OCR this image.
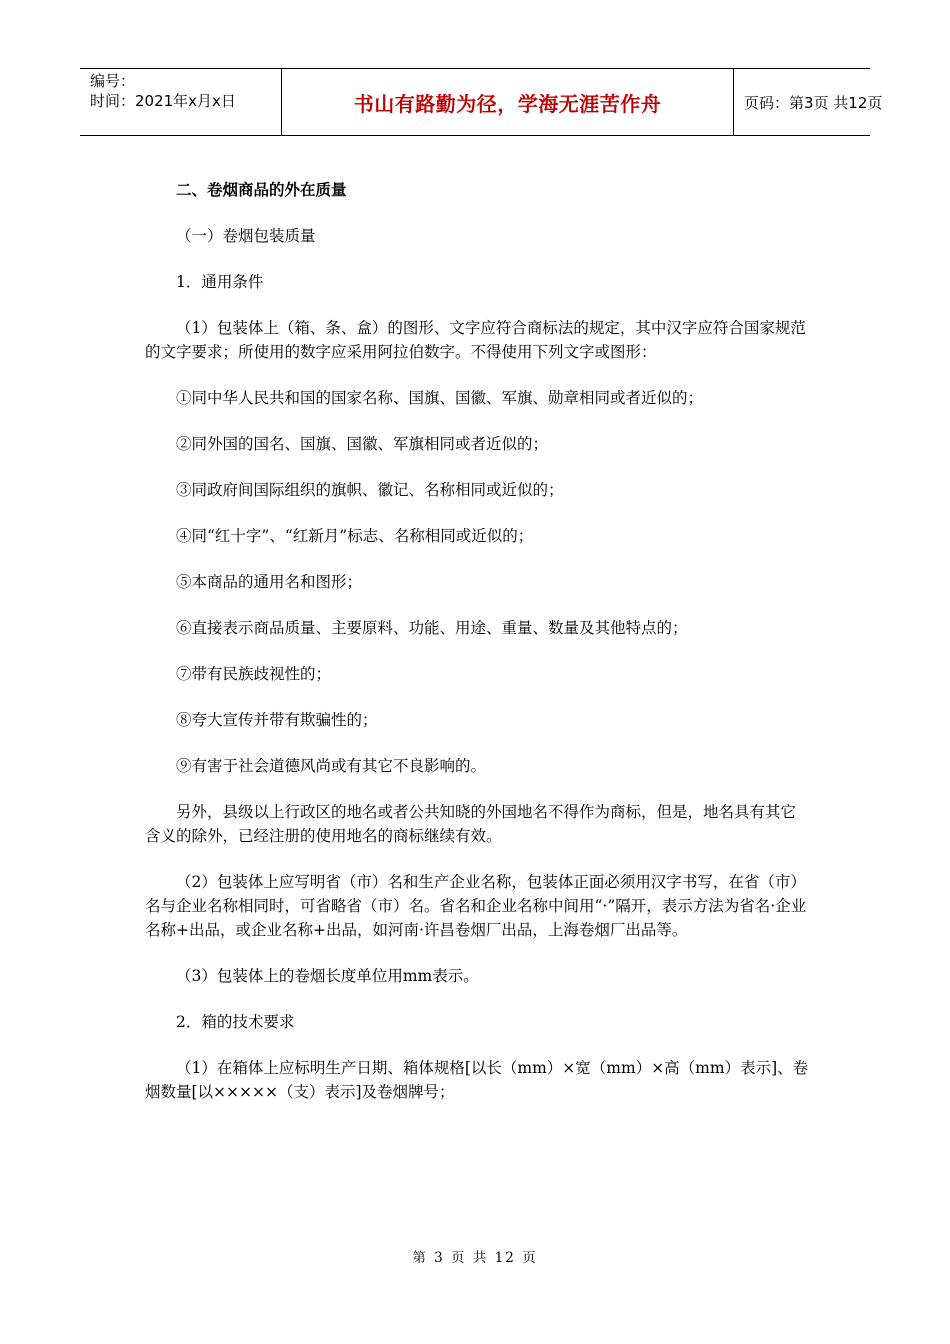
编号：
时间：2021年x月x日	书山有路勤为径，学海无涯苦作舟	页码：第3页 共12页

二、卷烟商品的外在质量

（一）卷烟包装质量

1．通用条件

（1）包装体上（箱、条、盒）的图形、文字应符合商标法的规定，其中汉字应符合国家规范的文字要求；所使用的数字应采用阿拉伯数字。不得使用下列文字或图形：

①同中华人民共和国的国家名称、国旗、国徽、军旗、勋章相同或者近似的；

②同外国的国名、国旗、国徽、军旗相同或者近似的；

③同政府间国际组织的旗帜、徽记、名称相同或近似的；

④同“红十字”、“红新月”标志、名称相同或近似的；

⑤本商品的通用名和图形；

⑥直接表示商品质量、主要原料、功能、用途、重量、数量及其他特点的；

⑦带有民族歧视性的；

⑧夸大宣传并带有欺骗性的；

⑨有害于社会道德风尚或有其它不良影响的。

另外，县级以上行政区的地名或者公共知晓的外国地名不得作为商标，但是，地名具有其它含义的除外，已经注册的使用地名的商标继续有效。

（2）包装体上应写明省（市）名和生产企业名称，包装体正面必须用汉字书写，在省（市）名与企业名称相同时，可省略省（市）名。省名和企业名称中间用“·”隔开，表示方法为省名·企业名称+出品，或企业名称+出品，如河南·许昌卷烟厂出品，上海卷烟厂出品等。

（3）包装体上的卷烟长度单位用mm表示。

2．箱的技术要求

（1）在箱体上应标明生产日期、箱体规格[以长（mm）×宽（mm）×高（mm）表示]、卷烟数量[以×××××（支）表示]及卷烟牌号；

第 3 页 共 12 页
